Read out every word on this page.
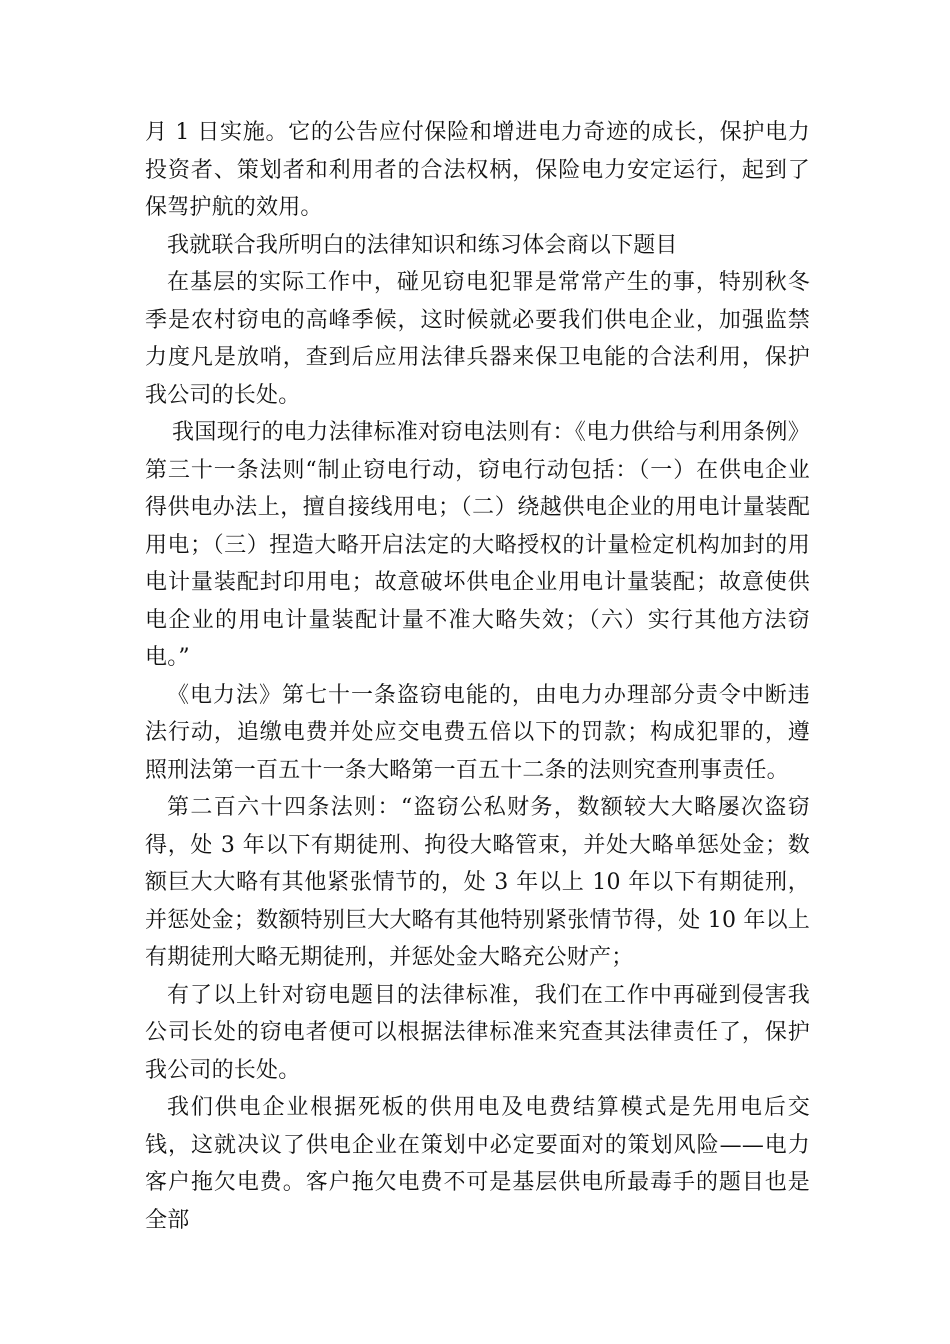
月 1 日实施。它的公告应付保险和增进电力奇迹的成长，保护电力投资者、策划者和利用者的合法权柄，保险电力安定运行，起到了保驾护航的效用。

我就联合我所明白的法律知识和练习体会商以下题目

在基层的实际工作中，碰见窃电犯罪是常常产生的事，特别秋冬季是农村窃电的高峰季候，这时候就必要我们供电企业，加强监禁力度凡是放哨，查到后应用法律兵器来保卫电能的合法利用，保护我公司的长处。

我国现行的电力法律标准对窃电法则有：《电力供给与利用条例》第三十一条法则“制止窃电行动，窃电行动包括：（一）在供电企业得供电办法上，擅自接线用电；（二）绕越供电企业的用电计量装配用电；（三）捏造大略开启法定的大略授权的计量检定机构加封的用电计量装配封印用电；故意破坏供电企业用电计量装配；故意使供电企业的用电计量装配计量不准大略失效；（六）实行其他方法窃电。”

《电力法》第七十一条盗窃电能的，由电力办理部分责令中断违法行动，追缴电费并处应交电费五倍以下的罚款；构成犯罪的，遵照刑法第一百五十一条大略第一百五十二条的法则究查刑事责任。

第二百六十四条法则：“盗窃公私财务，数额较大大略屡次盗窃得，处 3 年以下有期徒刑、拘役大略管束，并处大略单惩处金；数额巨大大略有其他紧张情节的，处 3 年以上 10 年以下有期徒刑，并惩处金；数额特别巨大大略有其他特别紧张情节得，处 10 年以上有期徒刑大略无期徒刑，并惩处金大略充公财产；

有了以上针对窃电题目的法律标准，我们在工作中再碰到侵害我公司长处的窃电者便可以根据法律标准来究查其法律责任了，保护我公司的长处。

我们供电企业根据死板的供用电及电费结算模式是先用电后交钱，这就决议了供电企业在策划中必定要面对的策划风险——电力客户拖欠电费。客户拖欠电费不可是基层供电所最毒手的题目也是全部
